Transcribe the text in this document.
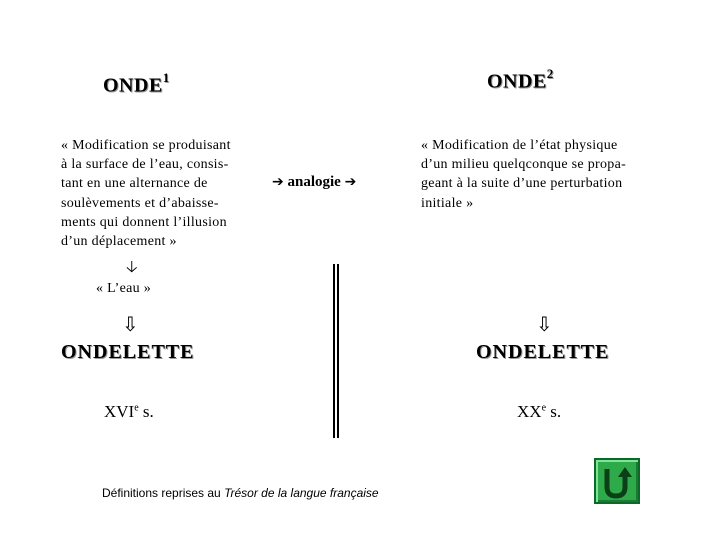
ONDE$^1$
« Modification se produisant
à la surface de l’eau, consis-
tant en une alternance de
soulèvements et d’abaisse-
ments qui donnent l’illusion
d’un déplacement »
🡣
« L’eau »
⇩
ONDELETTE
XVIe s.
➔ analogie ➔
ONDE$^2$
« Modification de l’état physique
d’un milieu quelqconque se propa-
geant à la suite d’une perturbation
initiale »
⇩
ONDELETTE
XXe s.
Définitions reprises au Trésor de la langue française
